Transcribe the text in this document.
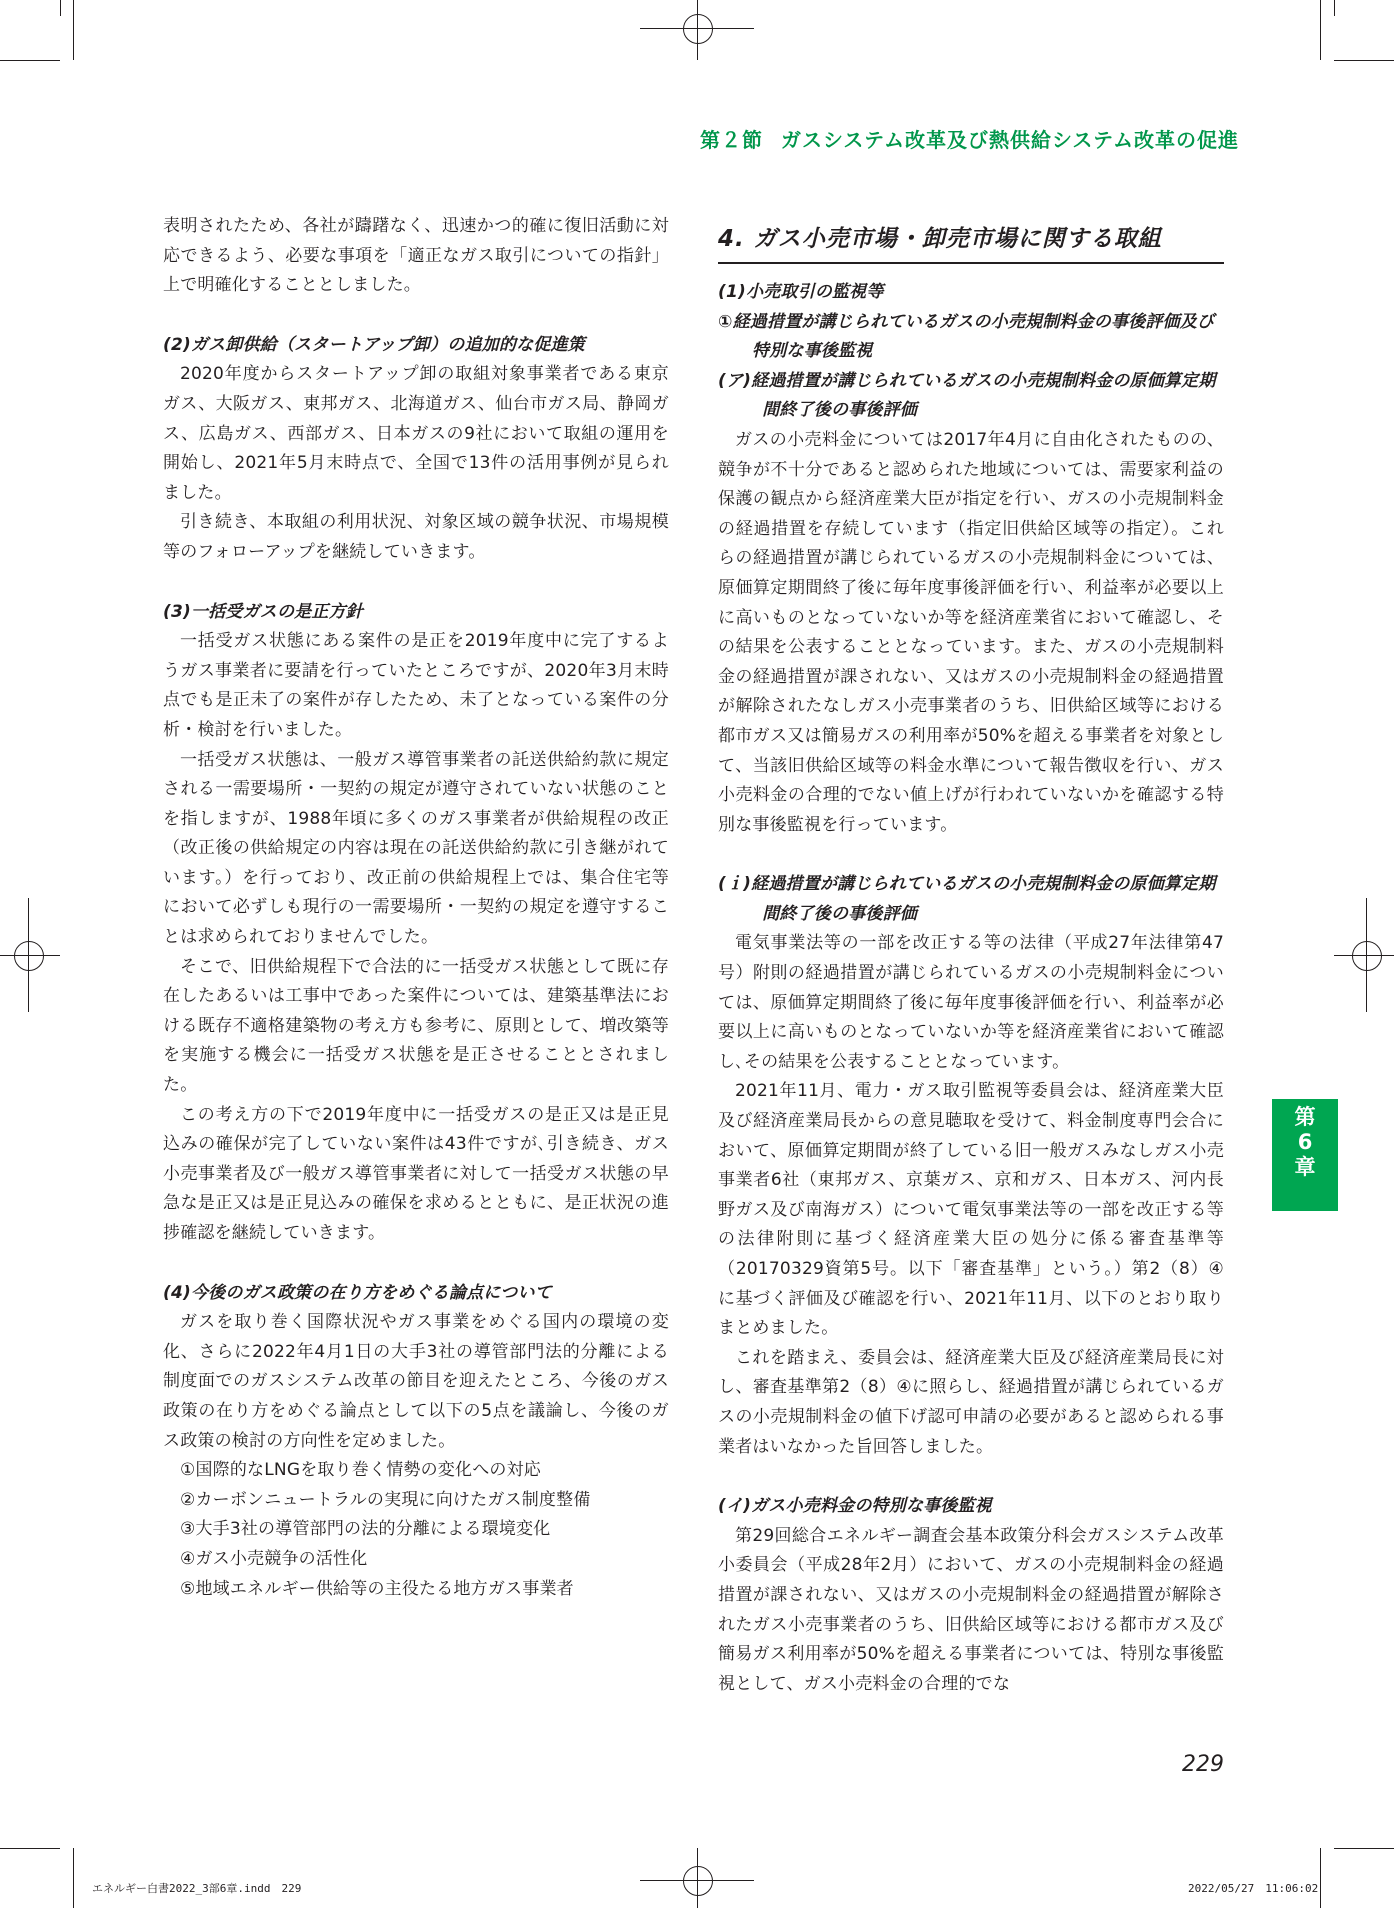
第２節 ガスシステム改革及び熱供給システム改革の促進

表明されたため、各社が躊躇なく、迅速かつ的確に復旧活動に対応できるよう、必要な事項を「適正なガス取引についての指針」上で明確化することとしました。

(2)ガス卸供給（スタートアップ卸）の追加的な促進策

2020年度からスタートアップ卸の取組対象事業者である東京ガス、大阪ガス、東邦ガス、北海道ガス、仙台市ガス局、静岡ガス、広島ガス、西部ガス、日本ガスの9社において取組の運用を開始し、2021年5月末時点で、全国で13件の活用事例が見られました。

引き続き、本取組の利用状況、対象区域の競争状況、市場規模等のフォローアップを継続していきます。

(3)一括受ガスの是正方針

一括受ガス状態にある案件の是正を2019年度中に完了するようガス事業者に要請を行っていたところですが、2020年3月末時点でも是正未了の案件が存したため、未了となっている案件の分析・検討を行いました。

一括受ガス状態は、一般ガス導管事業者の託送供給約款に規定される一需要場所・一契約の規定が遵守されていない状態のことを指しますが、1988年頃に多くのガス事業者が供給規程の改正（改正後の供給規定の内容は現在の託送供給約款に引き継がれています。）を行っており、改正前の供給規程上では、集合住宅等において必ずしも現行の一需要場所・一契約の規定を遵守することは求められておりませんでした。

そこで、旧供給規程下で合法的に一括受ガス状態として既に存在したあるいは工事中であった案件については、建築基準法における既存不適格建築物の考え方も参考に、原則として、増改築等を実施する機会に一括受ガス状態を是正させることとされました。

この考え方の下で2019年度中に一括受ガスの是正又は是正見込みの確保が完了していない案件は43件ですが､引き続き、ガス小売事業者及び一般ガス導管事業者に対して一括受ガス状態の早急な是正又は是正見込みの確保を求めるとともに、是正状況の進捗確認を継続していきます。

(4)今後のガス政策の在り方をめぐる論点について

ガスを取り巻く国際状況やガス事業をめぐる国内の環境の変化、さらに2022年4月1日の大手3社の導管部門法的分離による制度面でのガスシステム改革の節目を迎えたところ、今後のガス政策の在り方をめぐる論点として以下の5点を議論し、今後のガス政策の検討の方向性を定めました。

①国際的なLNGを取り巻く情勢の変化への対応

②カーボンニュートラルの実現に向けたガス制度整備

③大手3社の導管部門の法的分離による環境変化

④ガス小売競争の活性化

⑤地域エネルギー供給等の主役たる地方ガス事業者

4. ガス小売市場・卸売市場に関する取組
(1)小売取引の監視等
①経過措置が講じられているガスの小売規制料金の事後評価及び特別な事後監視
(ア)経過措置が講じられているガスの小売規制料金の原価算定期間終了後の事後評価

ガスの小売料金については2017年4月に自由化されたものの、競争が不十分であると認められた地域については、需要家利益の保護の観点から経済産業大臣が指定を行い、ガスの小売規制料金の経過措置を存続しています（指定旧供給区域等の指定）。これらの経過措置が講じられているガスの小売規制料金については、原価算定期間終了後に毎年度事後評価を行い、利益率が必要以上に高いものとなっていないか等を経済産業省において確認し、その結果を公表することとなっています。また、ガスの小売規制料金の経過措置が課されない、又はガスの小売規制料金の経過措置が解除されたなしガス小売事業者のうち、旧供給区域等における都市ガス又は簡易ガスの利用率が50%を超える事業者を対象として、当該旧供給区域等の料金水準について報告徴収を行い、ガス小売料金の合理的でない値上げが行われていないかを確認する特別な事後監視を行っています。

(ｉ)経過措置が講じられているガスの小売規制料金の原価算定期間終了後の事後評価

電気事業法等の一部を改正する等の法律（平成27年法律第47号）附則の経過措置が講じられているガスの小売規制料金については、原価算定期間終了後に毎年度事後評価を行い、利益率が必要以上に高いものとなっていないか等を経済産業省において確認し､その結果を公表することとなっています。

2021年11月、電力・ガス取引監視等委員会は、経済産業大臣及び経済産業局長からの意見聴取を受けて、料金制度専門会合において、原価算定期間が終了している旧一般ガスみなしガス小売事業者6社（東邦ガス、京葉ガス、京和ガス、日本ガス、河内長野ガス及び南海ガス）について電気事業法等の一部を改正する等の法律附則に基づく経済産業大臣の処分に係る審査基準等（20170329資第5号。以下「審査基準」という。）第2（8）④に基づく評価及び確認を行い、2021年11月、以下のとおり取りまとめました。

これを踏まえ、委員会は、経済産業大臣及び経済産業局長に対し、審査基準第2（8）④に照らし、経過措置が講じられているガスの小売規制料金の値下げ認可申請の必要があると認められる事業者はいなかった旨回答しました。

(イ)ガス小売料金の特別な事後監視

第29回総合エネルギー調査会基本政策分科会ガスシステム改革小委員会（平成28年2月）において、ガスの小売規制料金の経過措置が課されない、又はガスの小売規制料金の経過措置が解除されたガス小売事業者のうち、旧供給区域等における都市ガス及び簡易ガス利用率が50%を超える事業者については、特別な事後監視として、ガス小売料金の合理的でな

第
6
章
229
エネルギー白書2022_3部6章.indd　229	2022/05/27　11:06:02
